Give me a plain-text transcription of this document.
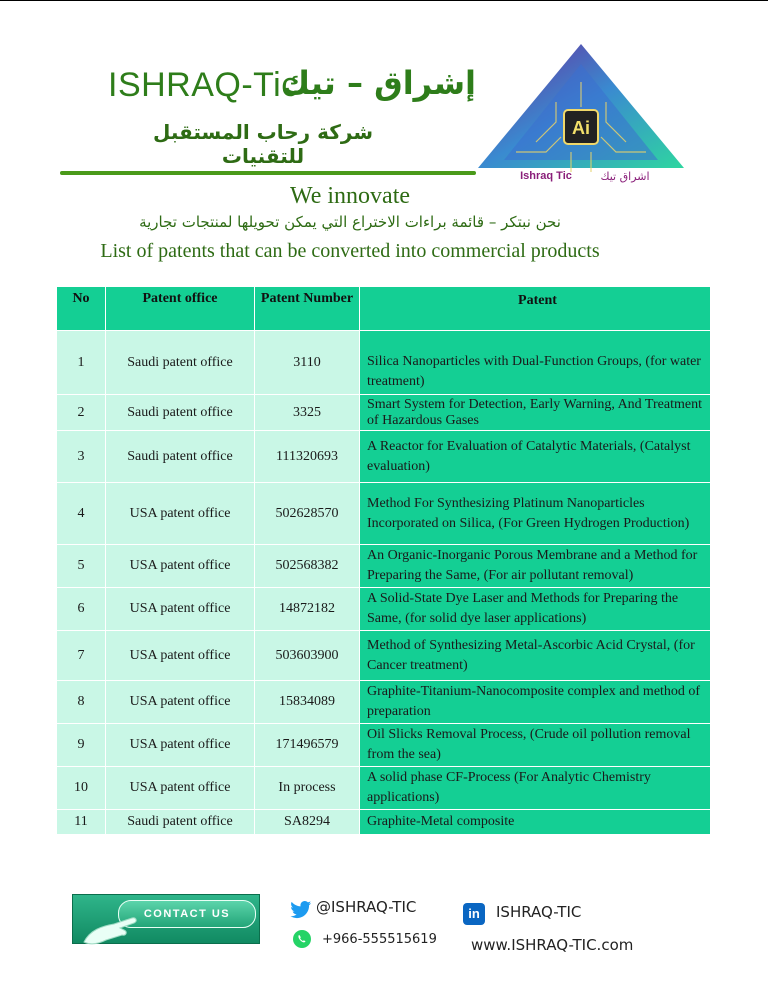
ISHRAQ-Tic
إشراق – تيك
شركة رحاب المستقبل للتقنيات
Ai
Ishraq Tic	اشراق تيك
We innovate
نحن نبتكر – قائمة براءات الاختراع التي يمكن تحويلها لمنتجات تجارية
List of patents that can be converted into commercial products
No	Patent office	Patent Number	Patent
1	Saudi patent office	3110	Silica Nanoparticles with Dual-Function Groups, (for water treatment)
2	Saudi patent office	3325	Smart System for Detection, Early Warning, And Treatment of Hazardous Gases
3	Saudi patent office	111320693	A Reactor for Evaluation of Catalytic Materials, (Catalyst evaluation)
4	USA patent office	502628570	Method For Synthesizing Platinum Nanoparticles Incorporated on Silica, (For Green Hydrogen Production)
5	USA patent office	502568382	An Organic-Inorganic Porous Membrane and a Method for Preparing the Same, (For air pollutant removal)
6	USA patent office	14872182	A Solid-State Dye Laser and Methods for Preparing the Same, (for solid dye laser applications)
7	USA patent office	503603900	Method of Synthesizing Metal-Ascorbic Acid Crystal, (for Cancer treatment)
8	USA patent office	15834089	Graphite-Titanium-Nanocomposite complex and method of preparation
9	USA patent office	171496579	Oil Slicks Removal Process, (Crude oil pollution removal from the sea)
10	USA patent office	In process	A solid phase CF-Process (For Analytic Chemistry applications)
11	Saudi patent office	SA8294	Graphite-Metal composite
CONTACT US	@ISHRAQ-TIC
+966-555515619
in	ISHRAQ-TIC
www.ISHRAQ-TIC.com
